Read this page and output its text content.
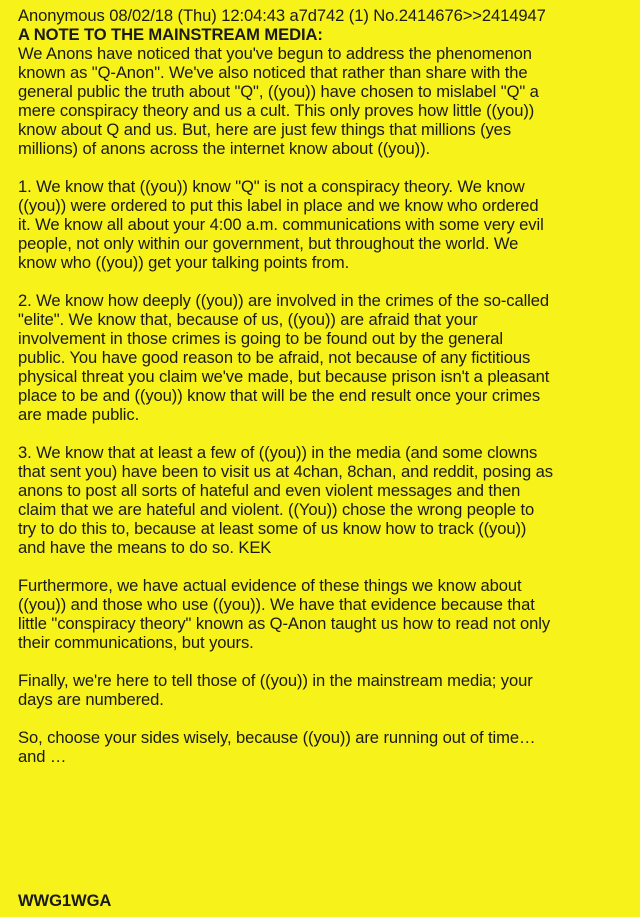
Anonymous 08/02/18 (Thu) 12:04:43 a7d742 (1) No.2414676>>2414947

A NOTE TO THE MAINSTREAM MEDIA:

We Anons have noticed that you've begun to address the phenomenon
known as "Q-Anon". We've also noticed that rather than share with the
general public the truth about "Q", ((you)) have chosen to mislabel "Q" a
mere conspiracy theory and us a cult. This only proves how little ((you))
know about Q and us. But, here are just few things that millions (yes
millions) of anons across the internet know about ((you)).

1. We know that ((you)) know "Q" is not a conspiracy theory. We know
((you)) were ordered to put this label in place and we know who ordered
it. We know all about your 4:00 a.m. communications with some very evil
people, not only within our government, but throughout the world. We
know who ((you)) get your talking points from.

2. We know how deeply ((you)) are involved in the crimes of the so-called
"elite". We know that, because of us, ((you)) are afraid that your
involvement in those crimes is going to be found out by the general
public. You have good reason to be afraid, not because of any fictitious
physical threat you claim we've made, but because prison isn't a pleasant
place to be and ((you)) know that will be the end result once your crimes
are made public.

3. We know that at least a few of ((you)) in the media (and some clowns
that sent you) have been to visit us at 4chan, 8chan, and reddit, posing as
anons to post all sorts of hateful and even violent messages and then
claim that we are hateful and violent. ((You)) chose the wrong people to
try to do this to, because at least some of us know how to track ((you))
and have the means to do so. KEK

Furthermore, we have actual evidence of these things we know about
((you)) and those who use ((you)). We have that evidence because that
little "conspiracy theory" known as Q-Anon taught us how to read not only
their communications, but yours.

Finally, we're here to tell those of ((you)) in the mainstream media; your
days are numbered.

So, choose your sides wisely, because ((you)) are running out of time…
and …

WWG1WGA
